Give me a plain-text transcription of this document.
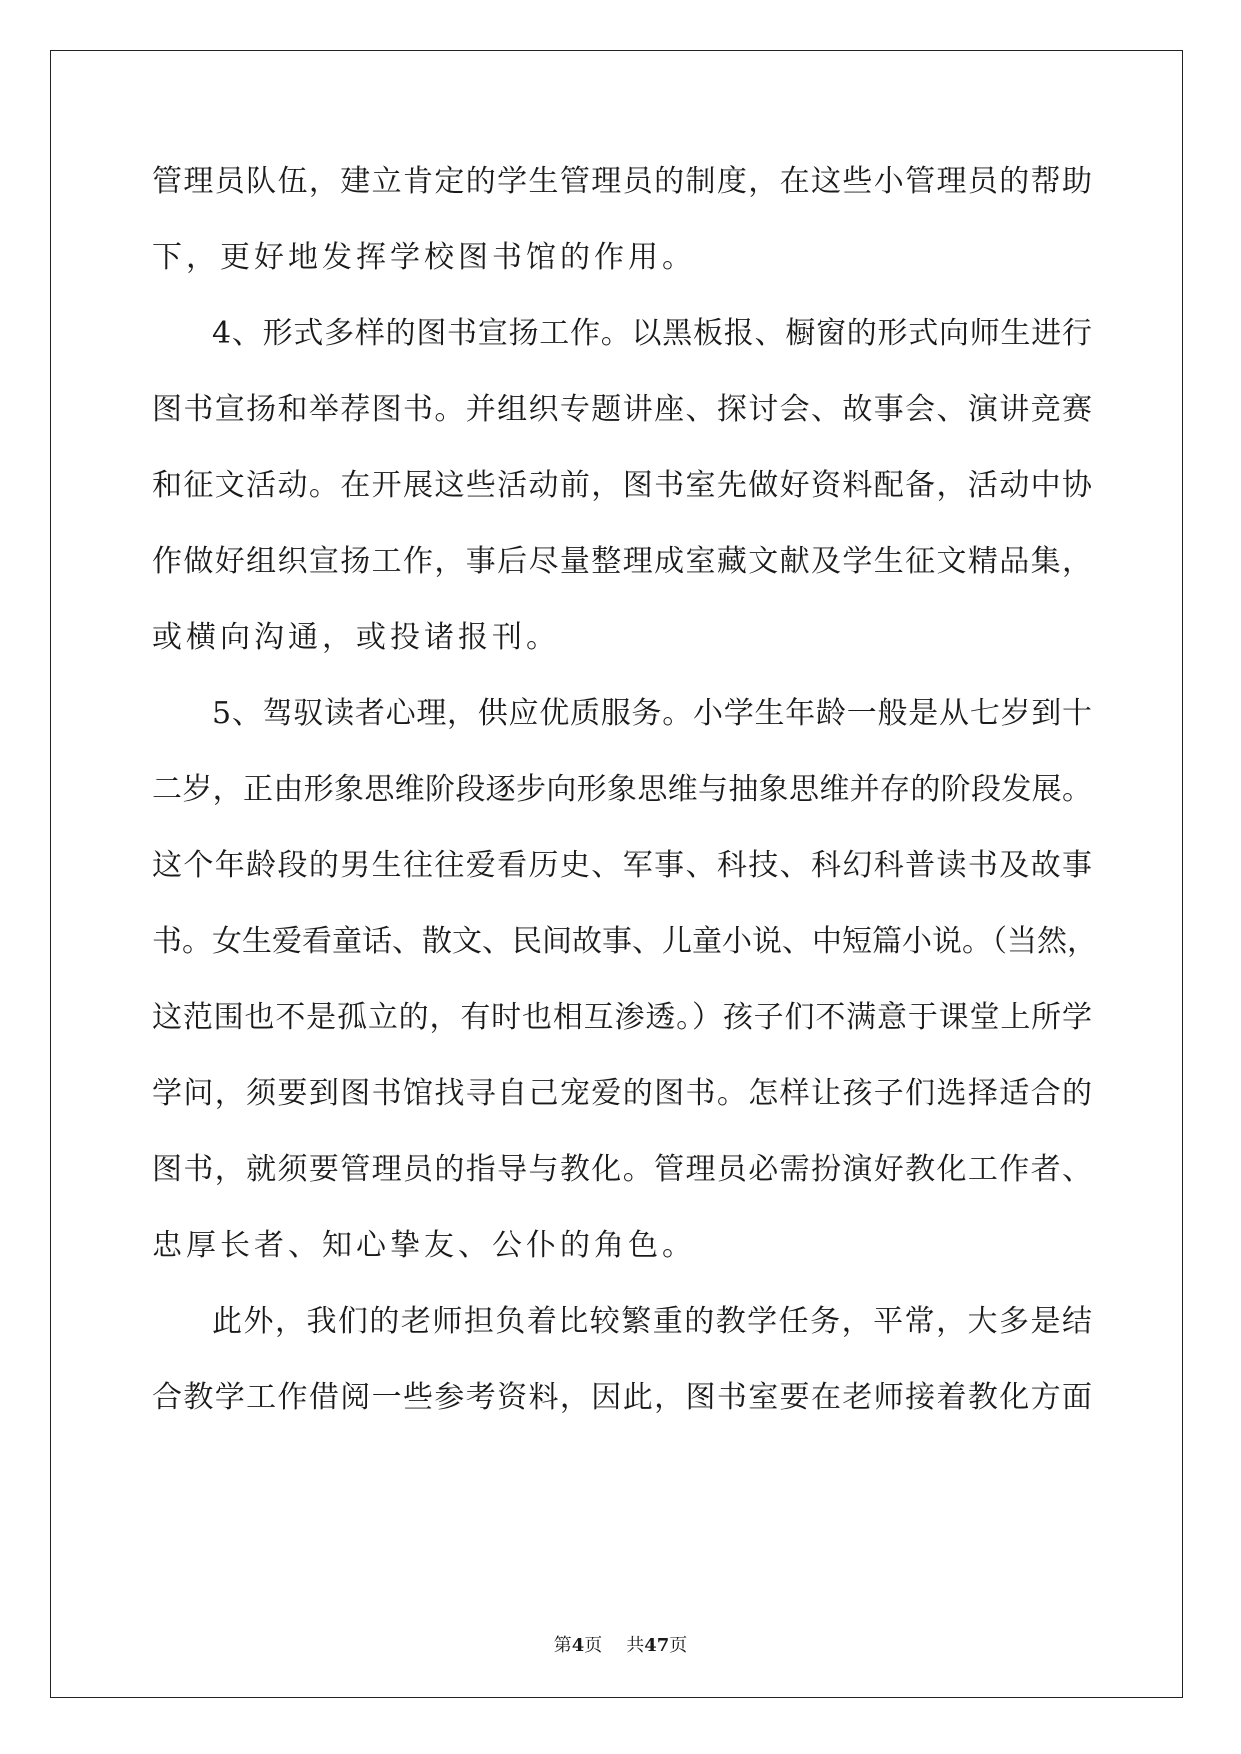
管理员队伍，建立肯定的学生管理员的制度，在这些小管理员的帮助
下，更好地发挥学校图书馆的作用。
4、形式多样的图书宣扬工作。以黑板报、橱窗的形式向师生进行
图书宣扬和举荐图书。并组织专题讲座、探讨会、故事会、演讲竞赛
和征文活动。在开展这些活动前，图书室先做好资料配备，活动中协
作做好组织宣扬工作，事后尽量整理成室藏文献及学生征文精品集，
或横向沟通，或投诸报刊。
5、驾驭读者心理，供应优质服务。小学生年龄一般是从七岁到十
二岁，正由形象思维阶段逐步向形象思维与抽象思维并存的阶段发展。
这个年龄段的男生往往爱看历史、军事、科技、科幻科普读书及故事
书。女生爱看童话、散文、民间故事、儿童小说、中短篇小说。（当然，
这范围也不是孤立的，有时也相互渗透。）孩子们不满意于课堂上所学
学问，须要到图书馆找寻自己宠爱的图书。怎样让孩子们选择适合的
图书，就须要管理员的指导与教化。管理员必需扮演好教化工作者、
忠厚长者、知心挚友、公仆的角色。
此外，我们的老师担负着比较繁重的教学任务，平常，大多是结
合教学工作借阅一些参考资料，因此，图书室要在老师接着教化方面
第4页 共47页
